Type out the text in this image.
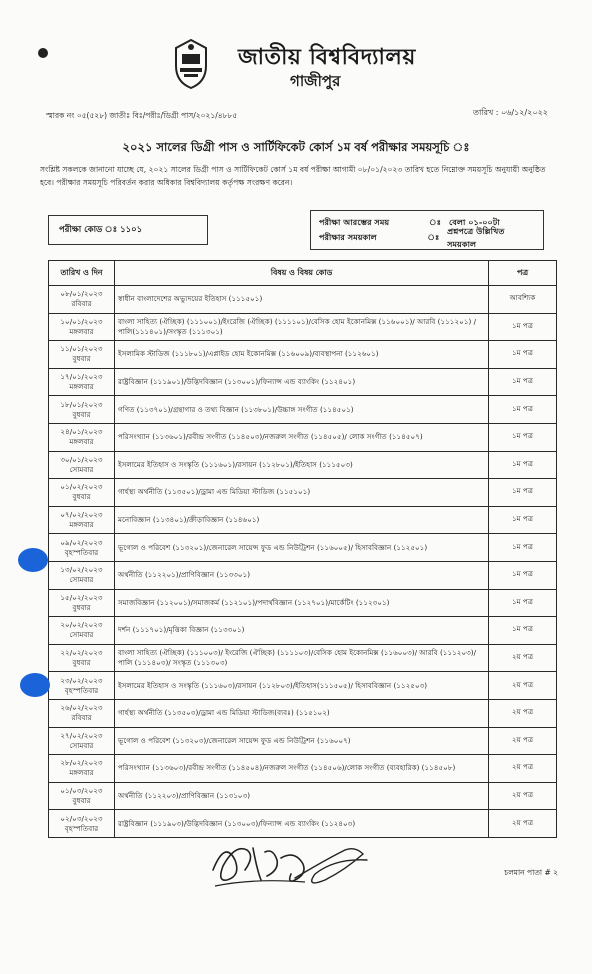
জাতীয় বিশ্ববিদ্যালয়
গাজীপুর
স্মারক নং ০৫(৫২৮) জাতীঃ বিঃ/পরীঃ/ডিগ্রী পাস/২০২১/৪৮৮৫	তারিখ : ০৬/১২/২০২২
২০২১ সালের ডিগ্রী পাস ও সার্টিফিকেট কোর্স ১ম বর্ষ পরীক্ষার সময়সূচি ঃ
সংশ্লিষ্ট সকলকে জানানো যাচ্ছে যে, ২০২১ সালের ডিগ্রী পাস ও সার্টিফিকেট কোর্স ১ম বর্ষ পরীক্ষা আগামী ০৮/০১/২০২৩ তারিখ হতে নিম্নোক্ত সময়সূচি অনুযায়ী অনুষ্ঠিত হবে। পরীক্ষার সময়সূচি পরিবর্তন করার অধিকার বিশ্ববিদ্যালয় কর্তৃপক্ষ সংরক্ষণ করেন।
পরীক্ষা কোড ঃ ১১০১
পরীক্ষা আরম্ভের সময়	ঃ বেলা ০১-০০টা
পরীক্ষার সময়কাল	ঃ
প্রশ্নপত্রে উল্লিখিত সময়কাল
তারিখ ও দিন	বিষয় ও বিষয় কোড	পত্র

০৮/০১/২০২৩
রবিবার	স্বাধীন বাংলাদেশের অভ্যুদয়ের ইতিহাস (১১১৫০১)	আবশ্যিক

১০/০১/২০২৩
মঙ্গলবার	বাংলা সাহিত্য (ঐচ্ছিক) (১১১০০১)/ইংরেজি (ঐচ্ছিক) (১১১১০১)/বেসিক হোম ইকোনমিক্স (১১৬০০১)/ আরবি (১১১২০১) / পালি(১১১৪০১)/সংস্কৃত (১১১৩০১)	১ম পত্র

১১/০১/২০২৩
বুধবার	ইসলামিক স্টাডিজ (১১১৮০১)/এপ্লাইড হোম ইকোনমিক্স (১১৬০০৯)/ব্যবস্থাপনা (১১২৬০১)	১ম পত্র

১৭/০১/২০২৩
মঙ্গলবার	রাষ্ট্রবিজ্ঞান (১১১৯০১)/উদ্ভিদবিজ্ঞান (১১৩০০১)/ফিন্যান্স এন্ড ব্যাংকিং (১১২৪০১)	১ম পত্র

১৮/০১/২০২৩
বুধবার	গণিত (১১৩৭০১)/গ্রন্থাগার ও তথ্য বিজ্ঞান (১১৩৮০১)/উচ্চাঙ্গ সংগীত (১১৪৫০১)	১ম পত্র

২৪/০১/২০২৩
মঙ্গলবার	পরিসংখ্যান (১১৩৬০১)/রবীন্দ্র সংগীত (১১৪৫০৩)/নজরুল সংগীত (১১৪৫০৫)/ লোক সংগীত (১১৪৫০৭)	১ম পত্র

৩০/০১/২০২৩
সোমবার	ইসলামের ইতিহাস ও সংস্কৃতি (১১১৬০১)/রসায়ন (১১২৮০১)/ইতিহাস (১১১৫০৩)	১ম পত্র

০১/০২/২০২৩
বুধবার	গার্হস্থ্য অর্থনীতি (১১৩৫০১)/ড্রামা এন্ড মিডিয়া স্টাডিজ (১১৫১০১)	১ম পত্র

০৭/০২/২০২৩
মঙ্গলবার	মনোবিজ্ঞান (১১৩৪০১)/ক্রীড়াবিজ্ঞান (১১৪৬০১)	১ম পত্র

০৯/০২/২০২৩
বৃহস্পতিবার	ভূগোল ও পরিবেশ (১১৩২০১)/জেনারেল সায়েন্স ফুড এন্ড নিউট্রিশন (১১৬০০৫)/ হিসাববিজ্ঞান (১১২৫০১)	১ম পত্র

১৩/০২/২০২৩
সোমবার	অর্থনীতি (১১২২০১)/প্রাণিবিজ্ঞান (১১৩৩০১)	১ম পত্র

১৫/০২/২০২৩
বুধবার	সমাজবিজ্ঞান (১১২০০১)/সমাজকর্ম (১১২১০১)/পদার্থবিজ্ঞান (১১২৭০১)/মার্কেটিং (১১২৩০১)	১ম পত্র

২০/০২/২০২৩
সোমবার	দর্শন (১১১৭০১)/মৃত্তিকা বিজ্ঞান (১১৩৩০১)	১ম পত্র

২২/০২/২০২৩
বুধবার	বাংলা সাহিত্য (ঐচ্ছিক) (১১১০০৩)/ ইংরেজি (ঐচ্ছিক) (১১১১০৩)/বেসিক হোম ইকোনমিক্স (১১৬০০৩)/ আরবি (১১১২০৩)/পালি (১১১৪০৩)/ সংস্কৃত (১১১৩০৩)	২য় পত্র

২৩/০২/২০২৩
বৃহস্পতিবার	ইসলামের ইতিহাস ও সংস্কৃতি (১১১৬০৩)/রসায়ন (১১২৮০৩)/ইতিহাস(১১১৫০৫)/ হিসাববিজ্ঞান (১১২৫০৩)	২য় পত্র

২৬/০২/২০২৩
রবিবার	গার্হস্থ্য অর্থনীতি (১১৩৫০৩)/ড্রামা এন্ড মিডিয়া স্টাডিজ(ব্যবঃ) (১১৫১০২)	২য় পত্র

২৭/০২/২০২৩
সোমবার	ভূগোল ও পরিবেশ (১১৩২০৩)/জেনারেল সায়েন্স ফুড এন্ড নিউট্রিশন (১১৬০০৭)	২য় পত্র

২৮/০২/২০২৩
মঙ্গলবার	পরিসংখ্যান (১১৩৬০৩)/রবীন্দ্র সংগীত (১১৪৫০৪)/নজরুল সংগীত (১১৪৫০৬)/লোক সংগীত (ব্যবহারিক) (১১৪৫০৮)	২য় পত্র

০১/০৩/২০২৩
বুধবার	অর্থনীতি (১১২২০৩)/প্রাণিবিজ্ঞান (১১৩১০৩)	২য় পত্র

০২/০৩/২০২৩
বৃহস্পতিবার	রাষ্ট্রবিজ্ঞান (১১১৯০৩)/উদ্ভিদবিজ্ঞান (১১৩০০৩)/ফিন্যান্স এন্ড ব্যাংকিং (১১২৪০৩)	২য় পত্র
চলমান পাতা # ২
